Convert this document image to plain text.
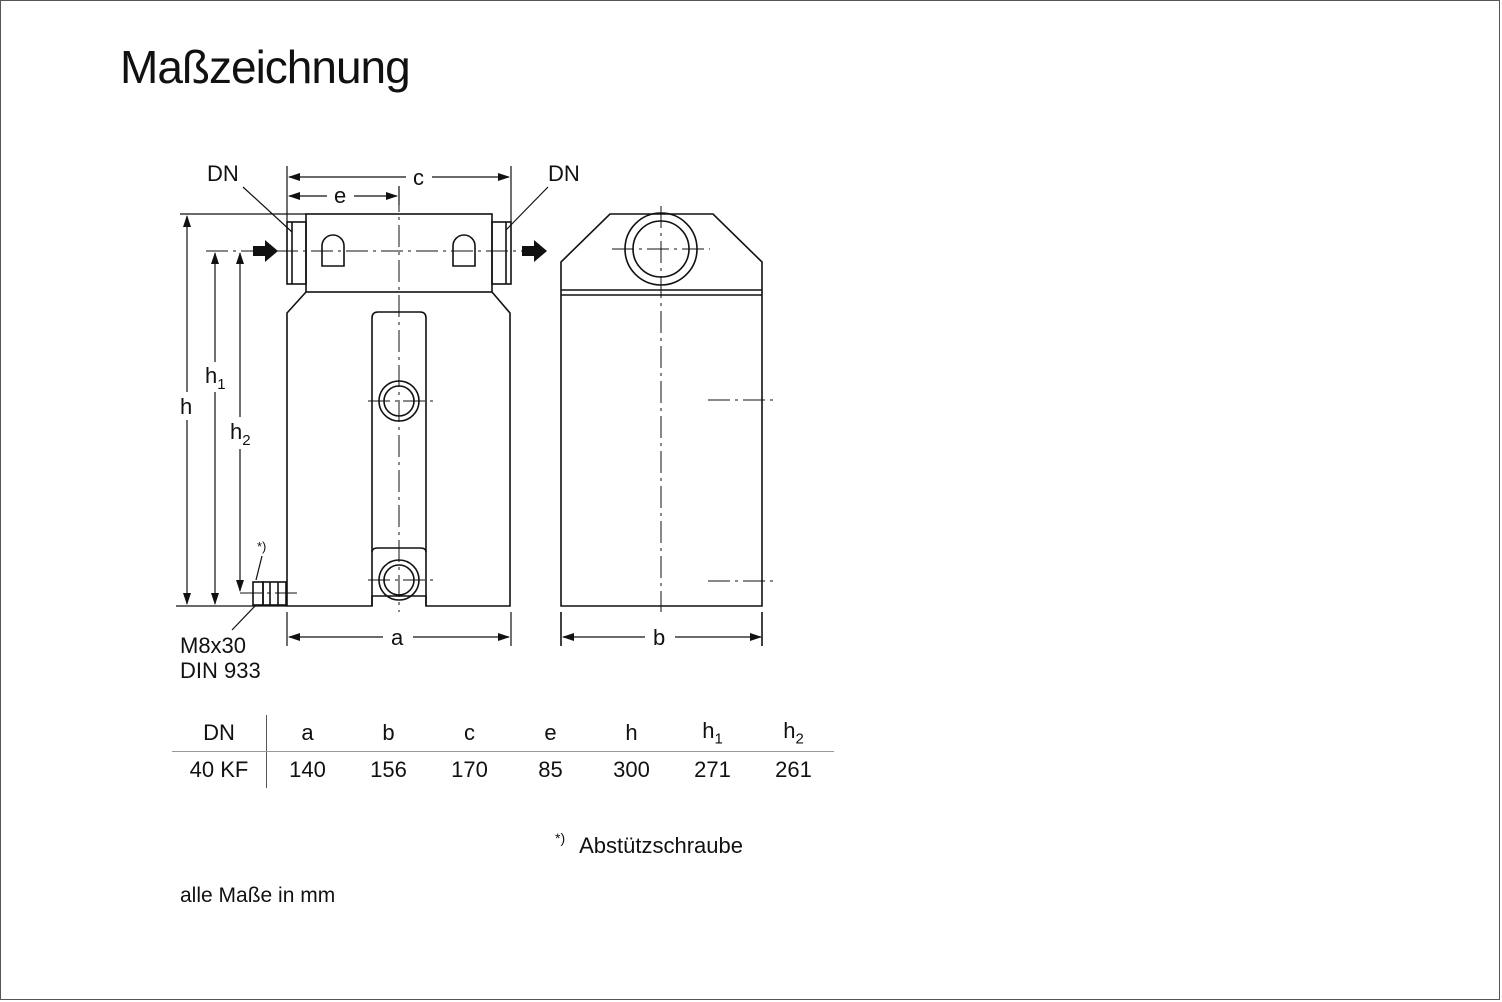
Maßzeichnung
DN	DN
c
e
a	b
h
$h_1$
$h_2$
*)
M8x30
DIN 933
DN	a	b	c	e	h	$h_1$	$h_2$
40 KF	140	156	170	85	300	271	261
*) Abstützschraube
alle Maße in mm
